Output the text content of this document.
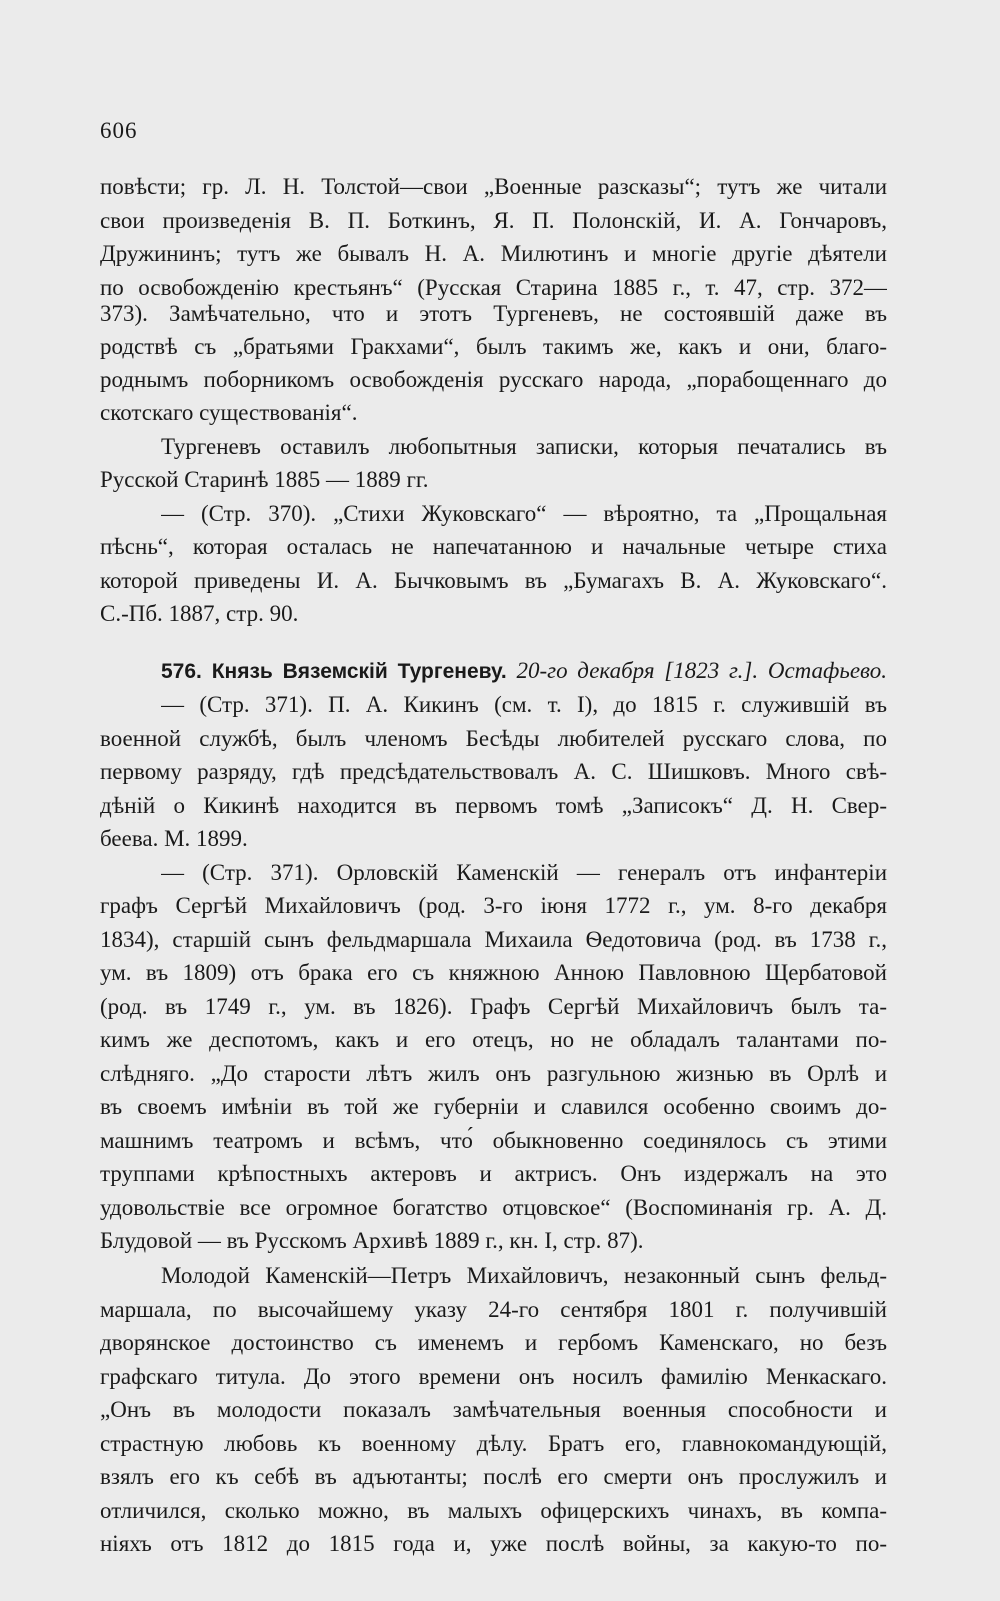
606
повѣсти; гр. Л. Н. Толстой—свои „Военные разсказы“; тутъ же читали
свои произведенія В. П. Боткинъ, Я. П. Полонскій, И. А. Гончаровъ,
Дружининъ; тутъ же бывалъ Н. А. Милютинъ и многіе другіе дѣятели
по освобожденію крестьянъ“ (Русская Старина 1885 г., т. 47, стр. 372—
373). Замѣчательно, что и этотъ Тургеневъ, не состоявшій даже въ
родствѣ съ „братьями Гракхами“, былъ такимъ же, какъ и они, благо-
роднымъ поборникомъ освобожденія русскаго народа, „порабощеннаго до
скотскаго существованія“.
Тургеневъ оставилъ любопытныя записки, которыя печатались въ
Русской Старинѣ 1885 — 1889 гг.
— (Стр. 370). „Стихи Жуковскаго“ — вѣроятно, та „Прощальная
пѣснь“, которая осталась не напечатанною и начальные четыре стиха
которой приведены И. А. Бычковымъ въ „Бумагахъ В. А. Жуковскаго“.
С.-Пб. 1887, стр. 90.
576. Князь Вяземскій Тургеневу. 20-го декабря [1823 г.]. Остафьево.
— (Стр. 371). П. А. Кикинъ (см. т. I), до 1815 г. служившій въ
военной службѣ, былъ членомъ Бесѣды любителей русскаго слова, по
первому разряду, гдѣ предсѣдательствовалъ А. С. Шишковъ. Много свѣ-
дѣній о Кикинѣ находится въ первомъ томѣ „Записокъ“ Д. Н. Свер-
беева. М. 1899.
— (Стр. 371). Орловскій Каменскій — генералъ отъ инфантеріи
графъ Сергѣй Михайловичъ (род. 3-го іюня 1772 г., ум. 8-го декабря
1834), старшій сынъ фельдмаршала Михаила Ѳедотовича (род. въ 1738 г.,
ум. въ 1809) отъ брака его съ княжною Анною Павловною Щербатовой
(род. въ 1749 г., ум. въ 1826). Графъ Сергѣй Михайловичъ былъ та-
кимъ же деспотомъ, какъ и его отецъ, но не обладалъ талантами по-
слѣдняго. „До старости лѣтъ жилъ онъ разгульною жизнью въ Орлѣ и
въ своемъ имѣніи въ той же губерніи и славился особенно своимъ до-
машнимъ театромъ и всѣмъ, что́ обыкновенно соединялось съ этими
труппами крѣпостныхъ актеровъ и актрисъ. Онъ издержалъ на это
удовольствіе все огромное богатство отцовское“ (Воспоминанія гр. А. Д.
Блудовой — въ Русскомъ Архивѣ 1889 г., кн. I, стр. 87).
Молодой Каменскій—Петръ Михайловичъ, незаконный сынъ фельд-
маршала, по высочайшему указу 24-го сентября 1801 г. получившій
дворянское достоинство съ именемъ и гербомъ Каменскаго, но безъ
графскаго титула. До этого времени онъ носилъ фамилію Менкаскаго.
„Онъ въ молодости показалъ замѣчательныя военныя способности и
страстную любовь къ военному дѣлу. Братъ его, главнокомандующій,
взялъ его къ себѣ въ адъютанты; послѣ его смерти онъ прослужилъ и
отличился, сколько можно, въ малыхъ офицерскихъ чинахъ, въ компа-
ніяхъ отъ 1812 до 1815 года и, уже послѣ войны, за какую-то по-
